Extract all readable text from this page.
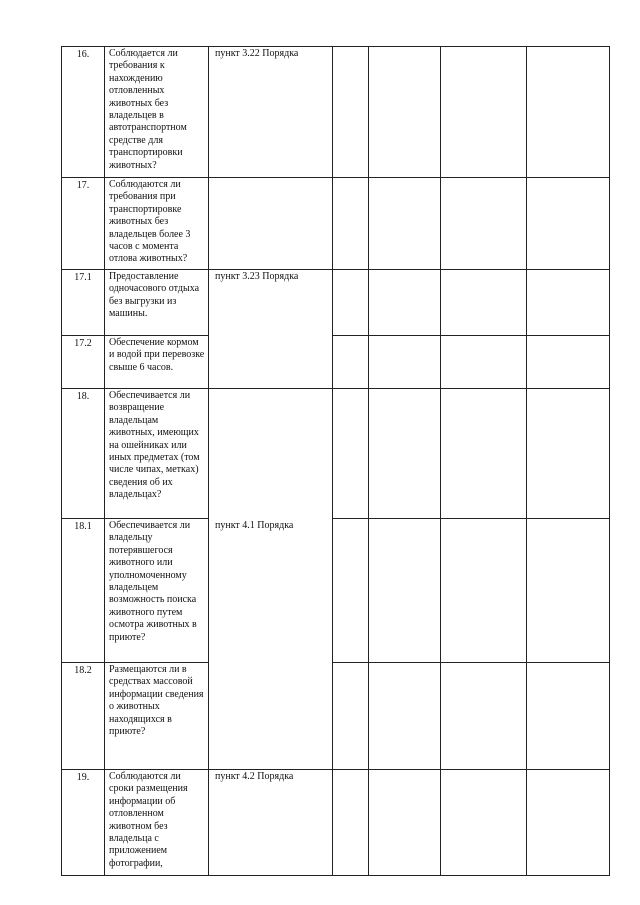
16.	Соблюдается ли требования к нахождению отловленных животных без владельцев в автотранспортном средстве для транспортировки животных?	пункт 3.22 Порядка				
17.	Соблюдаются ли требования при транспортировке животных без владельцев более 3 часов с момента отлова животных?					
17.1	Предоставление одночасового отдыха без выгрузки из машины.	пункт 3.23 Порядка				
17.2	Обеспечение кормом и водой при перевозке свыше 6 часов.					
18.	Обеспечивается ли возвращение владельцам животных, имеющих на ошейниках или иных предметах (том числе чипах, метках) сведения об их владельцах?					
18.1	Обеспечивается ли владельцу потерявшегося животного или уполномоченному владельцем возможность поиска животного путем осмотра животных в приюте?	пункт 4.1 Порядка				
18.2	Размещаются ли в средствах массовой информации сведения о животных находящихся в приюте?					
19.	Соблюдаются ли сроки размещения информации об отловленном животном без владельца с приложением фотографии,	пункт 4.2 Порядка				
